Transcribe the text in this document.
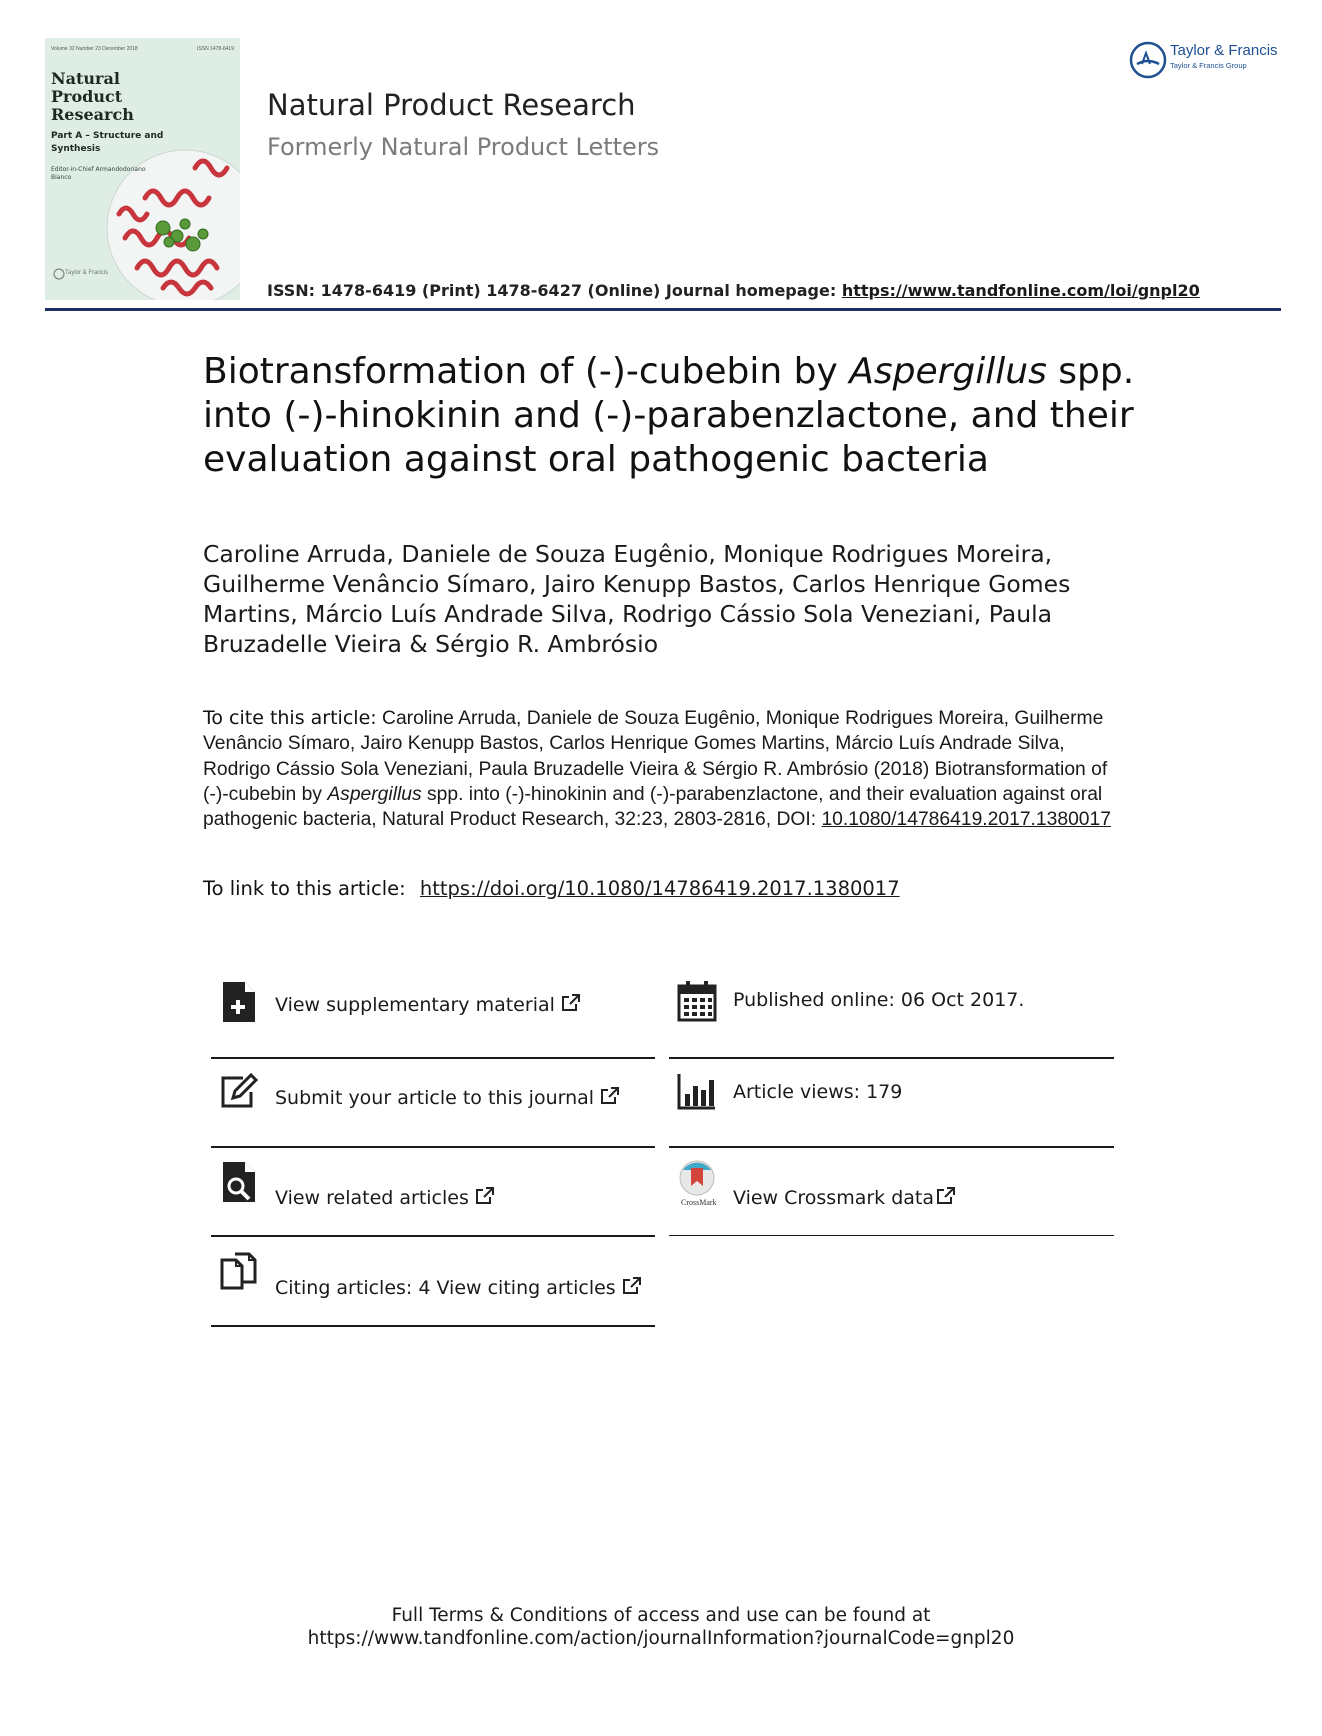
Volume 32 Number 23 December 2018	ISSN 1478-6419
Natural Product Research
Part A – Structure and Synthesis
Editor-in-Chief Armandodoriano Bianco
Taylor & Francis
Natural Product Research
Formerly Natural Product Letters
ISSN: 1478-6419 (Print) 1478-6427 (Online) Journal homepage: https://www.tandfonline.com/loi/gnpl20
Taylor & Francis
Taylor & Francis Group
Biotransformation of (-)-cubebin by Aspergillus spp. into (-)-hinokinin and (-)-parabenzlactone, and their evaluation against oral pathogenic bacteria
Caroline Arruda, Daniele de Souza Eugênio, Monique Rodrigues Moreira, Guilherme Venâncio Símaro, Jairo Kenupp Bastos, Carlos Henrique Gomes Martins, Márcio Luís Andrade Silva, Rodrigo Cássio Sola Veneziani, Paula Bruzadelle Vieira & Sérgio R. Ambrósio
To cite this article: Caroline Arruda, Daniele de Souza Eugênio, Monique Rodrigues Moreira, Guilherme Venâncio Símaro, Jairo Kenupp Bastos, Carlos Henrique Gomes Martins, Márcio Luís Andrade Silva, Rodrigo Cássio Sola Veneziani, Paula Bruzadelle Vieira & Sérgio R. Ambrósio (2018) Biotransformation of (-)-cubebin by Aspergillus spp. into (-)-hinokinin and (-)-parabenzlactone, and their evaluation against oral pathogenic bacteria, Natural Product Research, 32:23, 2803-2816, DOI: 10.1080/14786419.2017.1380017
To link to this article: https://doi.org/10.1080/14786419.2017.1380017
View supplementary material	Published online: 06 Oct 2017.
Submit your article to this journal	Article views: 179
View related articles	CrossMark View Crossmark data
Citing articles: 4 View citing articles
Full Terms & Conditions of access and use can be found at
https://www.tandfonline.com/action/journalInformation?journalCode=gnpl20
